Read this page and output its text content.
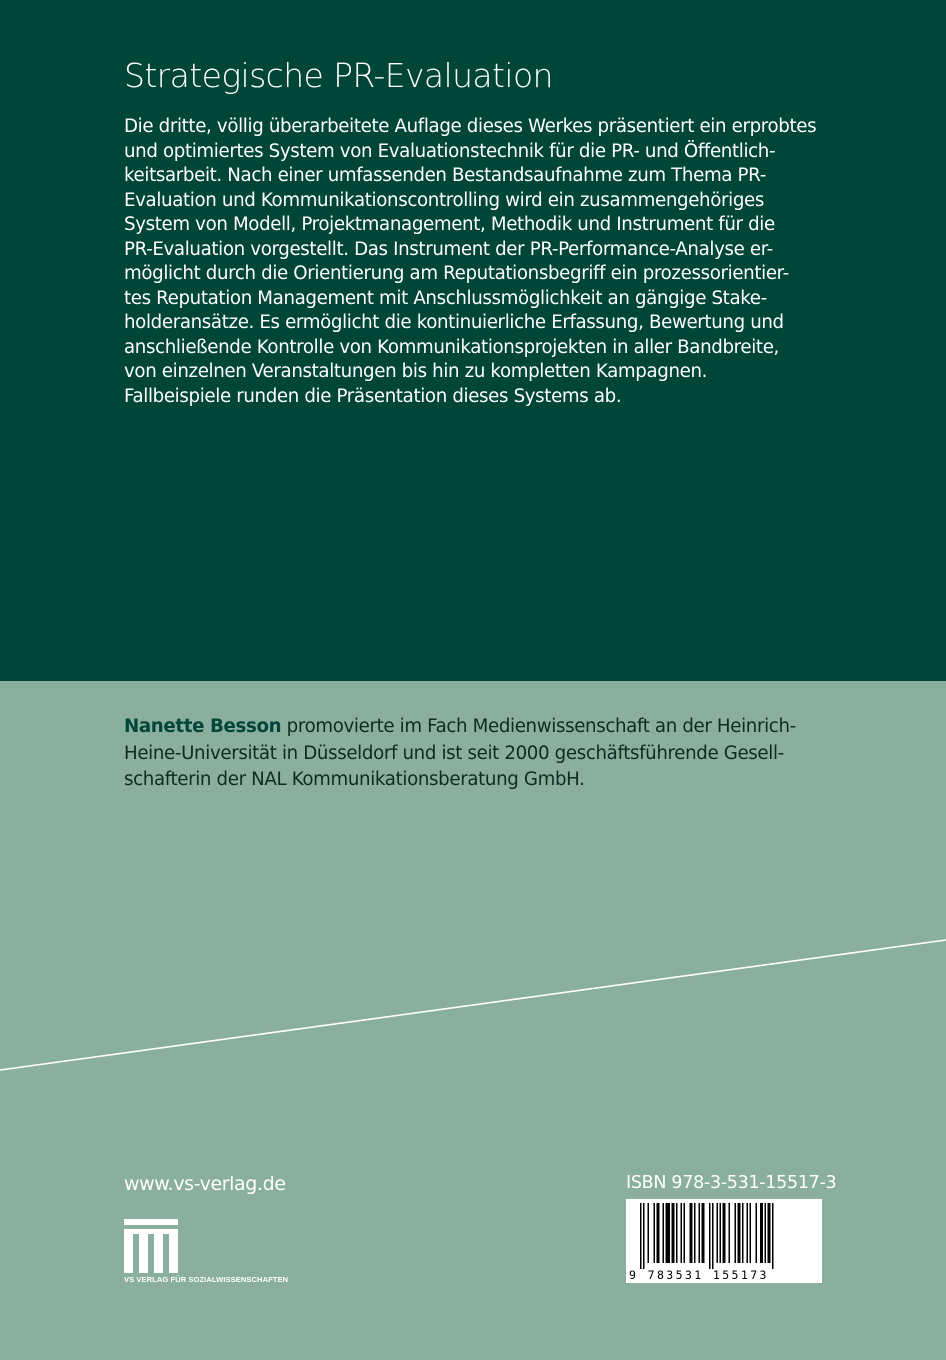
Strategische PR-Evaluation
Die dritte, völlig überarbeitete Auflage dieses Werkes präsentiert ein erprobtes
und optimiertes System von Evaluationstechnik für die PR- und Öffentlich-
keitsarbeit. Nach einer umfassenden Bestandsaufnahme zum Thema PR-
Evaluation und Kommunikationscontrolling wird ein zusammengehöriges
System von Modell, Projektmanagement, Methodik und Instrument für die
PR-Evaluation vorgestellt. Das Instrument der PR-Performance-Analyse er-
möglicht durch die Orientierung am Reputationsbegriff ein prozessorientier-
tes Reputation Management mit Anschlussmöglichkeit an gängige Stake-
holderansätze. Es ermöglicht die kontinuierliche Erfassung, Bewertung und
anschließende Kontrolle von Kommunikationsprojekten in aller Bandbreite,
von einzelnen Veranstaltungen bis hin zu kompletten Kampagnen.
Fallbeispiele runden die Präsentation dieses Systems ab.
Nanette Besson promovierte im Fach Medienwissenschaft an der Heinrich-
Heine-Universität in Düsseldorf und ist seit 2000 geschäftsführende Gesell-
schafterin der NAL Kommunikationsberatung GmbH.
www.vs-verlag.de
VS VERLAG FÜR SOZIALWISSENSCHAFTEN
ISBN 978-3-531-15517-3
9 783531 155173
